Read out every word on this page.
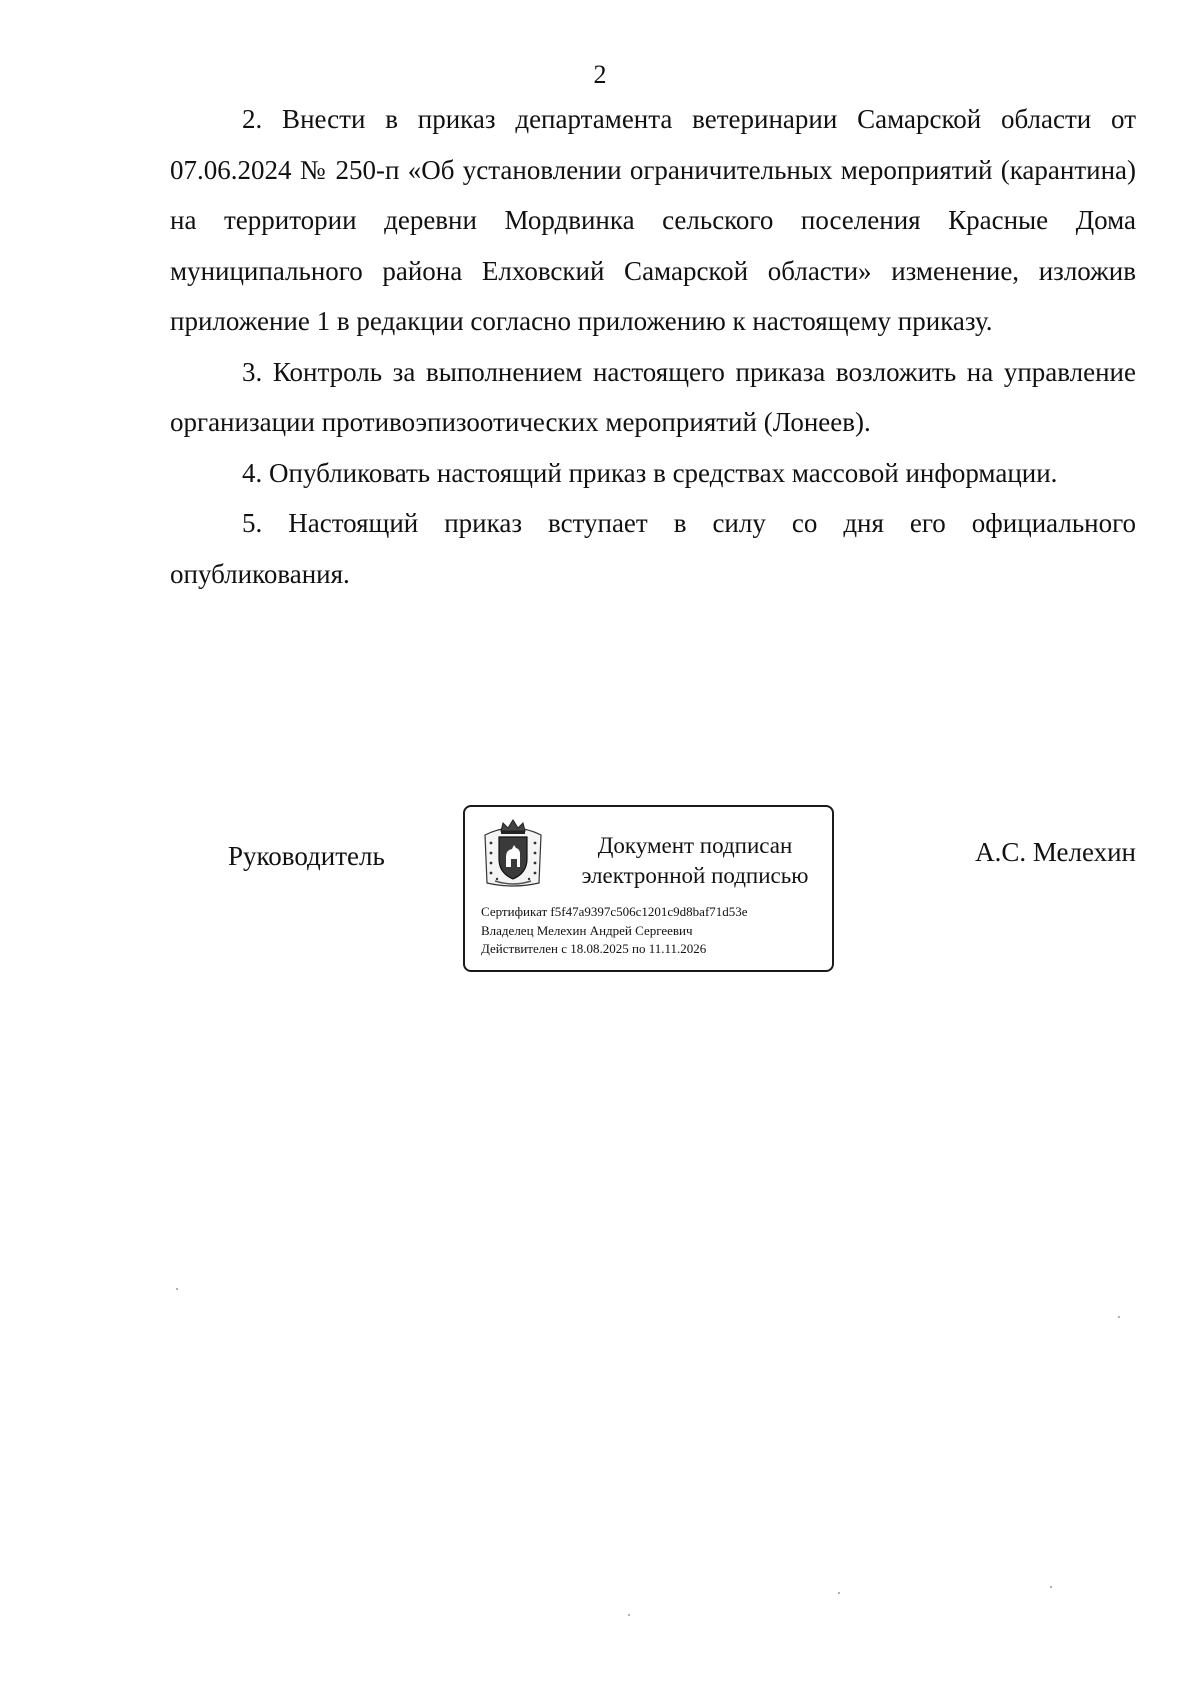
2

2. Внести в приказ департамента ветеринарии Самарской области от 07.06.2024 № 250-п «Об установлении ограничительных мероприятий (карантина) на территории деревни Мордвинка сельского поселения Красные Дома муниципального района Елховский Самарской области» изменение, изложив приложение 1 в редакции согласно приложению к настоящему приказу.

3. Контроль за выполнением настоящего приказа возложить на управление организации противоэпизоотических мероприятий (Лонеев).

4. Опубликовать настоящий приказ в средствах массовой информации.

5. Настоящий приказ вступает в силу со дня его официального опубликования.

Руководитель	Документ подписан
электронной подписью
Сертификат f5f47a9397c506c1201c9d8baf71d53e
Владелец Мелехин Андрей Сергеевич
Действителен с 18.08.2025 по 11.11.2026
А.С. Мелехин
